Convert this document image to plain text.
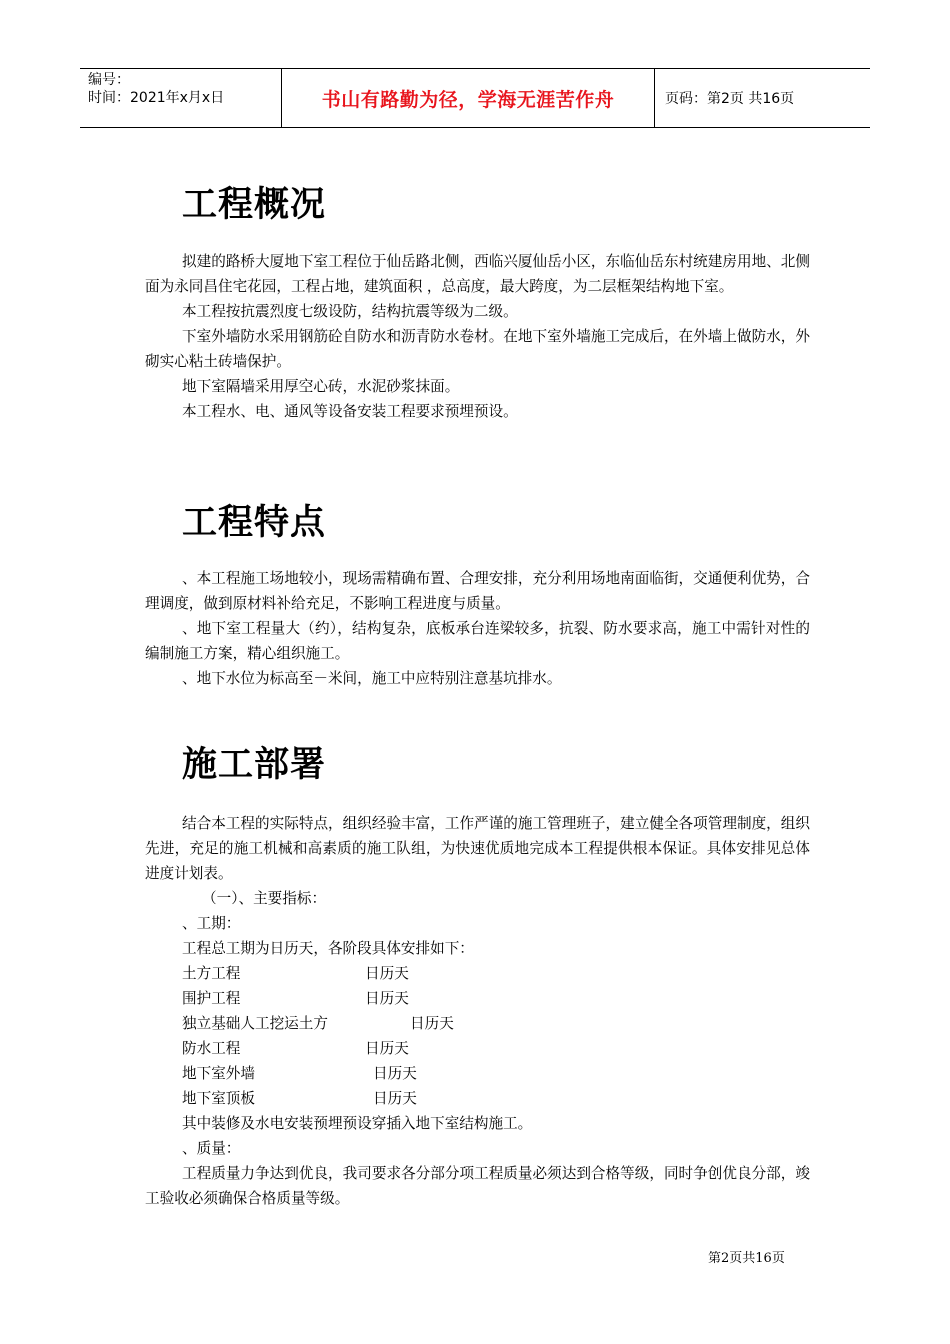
编号：
时间：2021年x月x日	书山有路勤为径，学海无涯苦作舟	页码：第2页 共16页
工程概况

拟建的路桥大厦地下室工程位于仙岳路北侧，西临兴厦仙岳小区，东临仙岳东村统建房用地、北侧面为永同昌住宅花园，工程占地，建筑面积 ，总高度，最大跨度，为二层框架结构地下室。

本工程按抗震烈度七级设防，结构抗震等级为二级。

下室外墙防水采用钢筋砼自防水和沥青防水卷材。在地下室外墙施工完成后，在外墙上做防水，外砌实心粘土砖墙保护。

地下室隔墙采用厚空心砖，水泥砂浆抹面。

本工程水、电、通风等设备安装工程要求预埋预设。

工程特点

、本工程施工场地较小，现场需精确布置、合理安排，充分利用场地南面临街，交通便利优势，合理调度，做到原材料补给充足，不影响工程进度与质量。

、地下室工程量大（约），结构复杂，底板承台连梁较多，抗裂、防水要求高，施工中需针对性的编制施工方案，精心组织施工。

、地下水位为标高至－米间，施工中应特别注意基坑排水。

施工部署

结合本工程的实际特点，组织经验丰富，工作严谨的施工管理班子，建立健全各项管理制度，组织先进，充足的施工机械和高素质的施工队组，为快速优质地完成本工程提供根本保证。具体安排见总体进度计划表。

（一）、主要指标：

、工期：

工程总工期为日历天，各阶段具体安排如下：

土方工程	日历天
围护工程	日历天
独立基础人工挖运土方	日历天
防水工程	日历天
地下室外墙	日历天
地下室顶板	日历天

其中装修及水电安装预埋预设穿插入地下室结构施工。

、质量：

工程质量力争达到优良，我司要求各分部分项工程质量必须达到合格等级，同时争创优良分部，竣工验收必须确保合格质量等级。

第2页共16页
